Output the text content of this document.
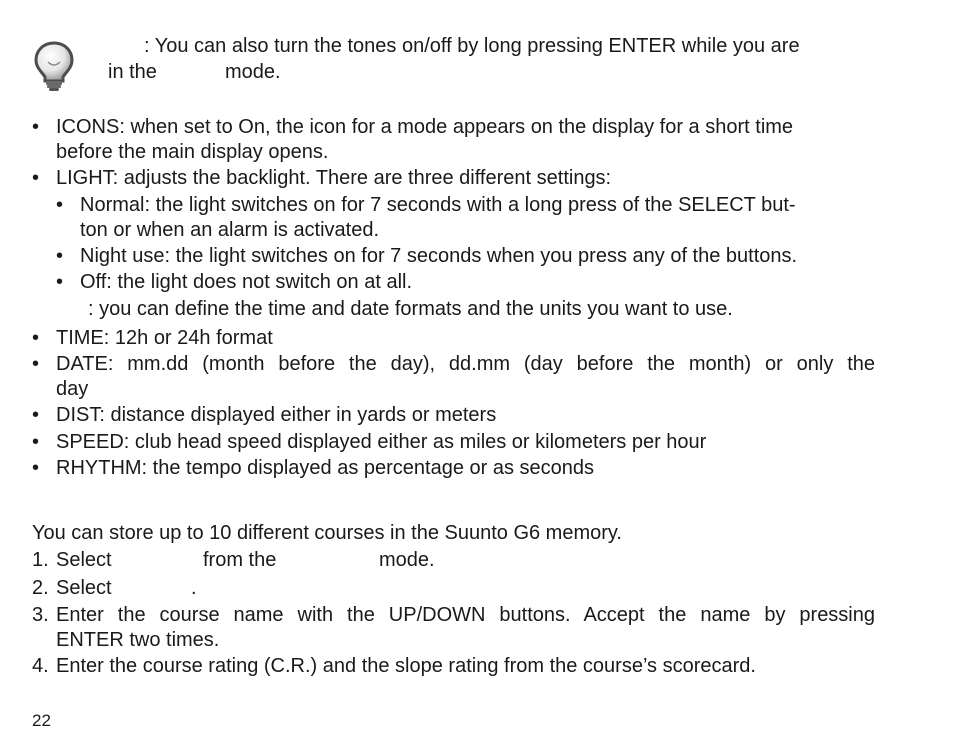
: You can also turn the tones on/off by long pressing ENTER while you are
in the	mode.
• ICONS: when set to On, the icon for a mode appears on the display for a short time
before the main display opens.
• LIGHT: adjusts the backlight. There are three different settings:
• Normal: the light switches on for 7 seconds with a long press of the SELECT but-
ton or when an alarm is activated.
• Night use: the light switches on for 7 seconds when you press any of the buttons.
• Off: the light does not switch on at all.
: you can define the time and date formats and the units you want to use.
• TIME: 12h or 24h format
• DATE: mm.dd (month before the day), dd.mm (day before the month) or only the
day
• DIST: distance displayed either in yards or meters
• SPEED: club head speed displayed either as miles or kilometers per hour
• RHYTHM: the tempo displayed as percentage or as seconds
You can store up to 10 different courses in the Suunto G6 memory.
1. Select	from the	mode.
2. Select	.
3. Enter the course name with the UP/DOWN buttons. Accept the name by pressing
ENTER two times.
4. Enter the course rating (C.R.) and the slope rating from the course’s scorecard.
22
